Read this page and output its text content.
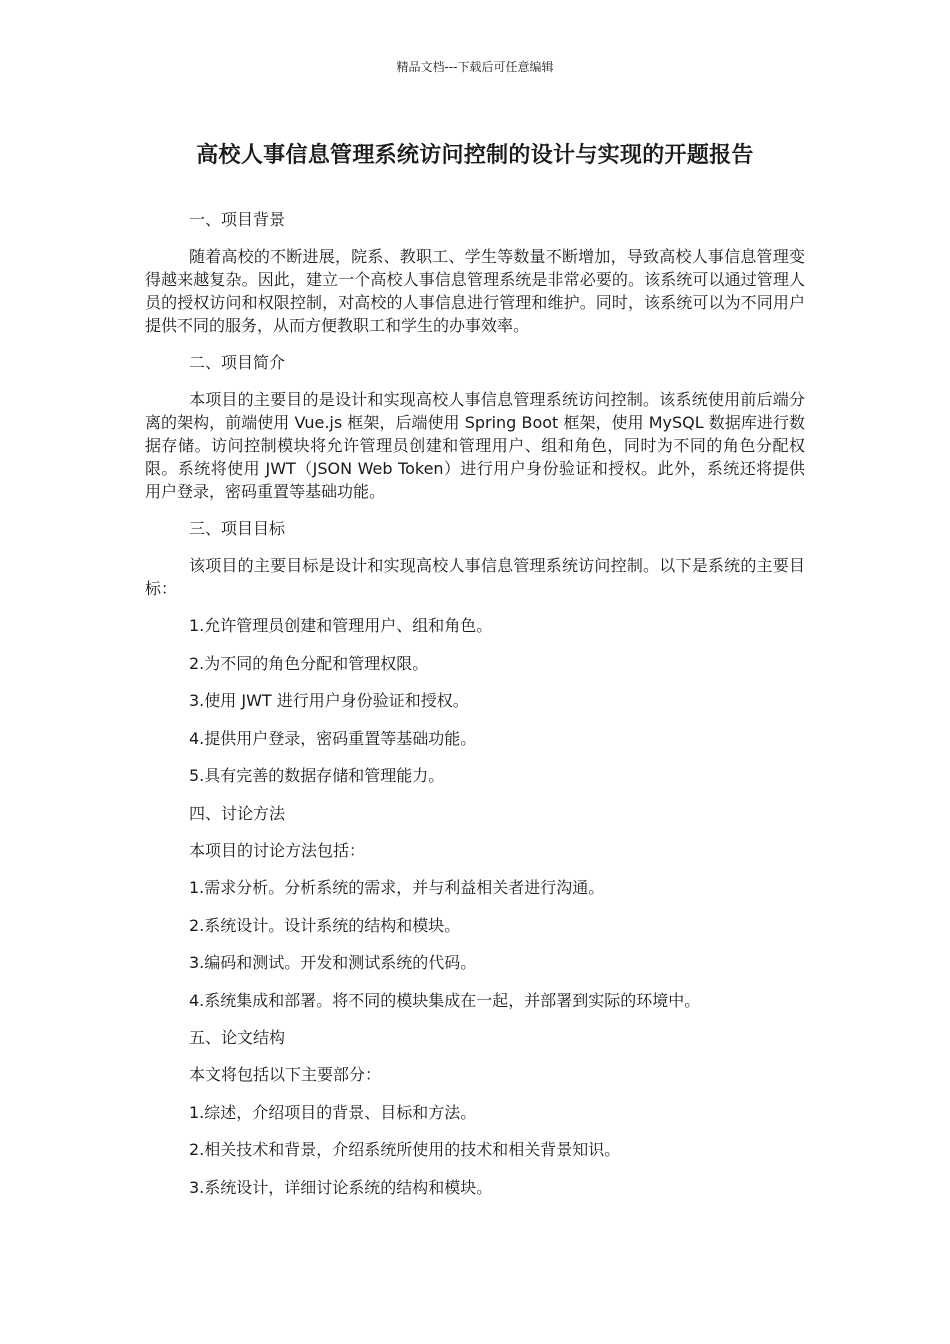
精品文档---下载后可任意编辑
高校人事信息管理系统访问控制的设计与实现的开题报告

一、项目背景

随着高校的不断进展，院系、教职工、学生等数量不断增加，导致高校人事信息管理变得越来越复杂。因此，建立一个高校人事信息管理系统是非常必要的。该系统可以通过管理人员的授权访问和权限控制，对高校的人事信息进行管理和维护。同时，该系统可以为不同用户提供不同的服务，从而方便教职工和学生的办事效率。

二、项目简介

本项目的主要目的是设计和实现高校人事信息管理系统访问控制。该系统使用前后端分离的架构，前端使用 Vue.js 框架，后端使用 Spring Boot 框架，使用 MySQL 数据库进行数据存储。访问控制模块将允许管理员创建和管理用户、组和角色，同时为不同的角色分配权限。系统将使用 JWT（JSON Web Token）进行用户身份验证和授权。此外，系统还将提供用户登录，密码重置等基础功能。

三、项目目标

该项目的主要目标是设计和实现高校人事信息管理系统访问控制。以下是系统的主要目标：

1.允许管理员创建和管理用户、组和角色。

2.为不同的角色分配和管理权限。

3.使用 JWT 进行用户身份验证和授权。

4.提供用户登录，密码重置等基础功能。

5.具有完善的数据存储和管理能力。

四、讨论方法

本项目的讨论方法包括：

1.需求分析。分析系统的需求，并与利益相关者进行沟通。

2.系统设计。设计系统的结构和模块。

3.编码和测试。开发和测试系统的代码。

4.系统集成和部署。将不同的模块集成在一起，并部署到实际的环境中。

五、论文结构

本文将包括以下主要部分：

1.综述，介绍项目的背景、目标和方法。

2.相关技术和背景，介绍系统所使用的技术和相关背景知识。

3.系统设计，详细讨论系统的结构和模块。
